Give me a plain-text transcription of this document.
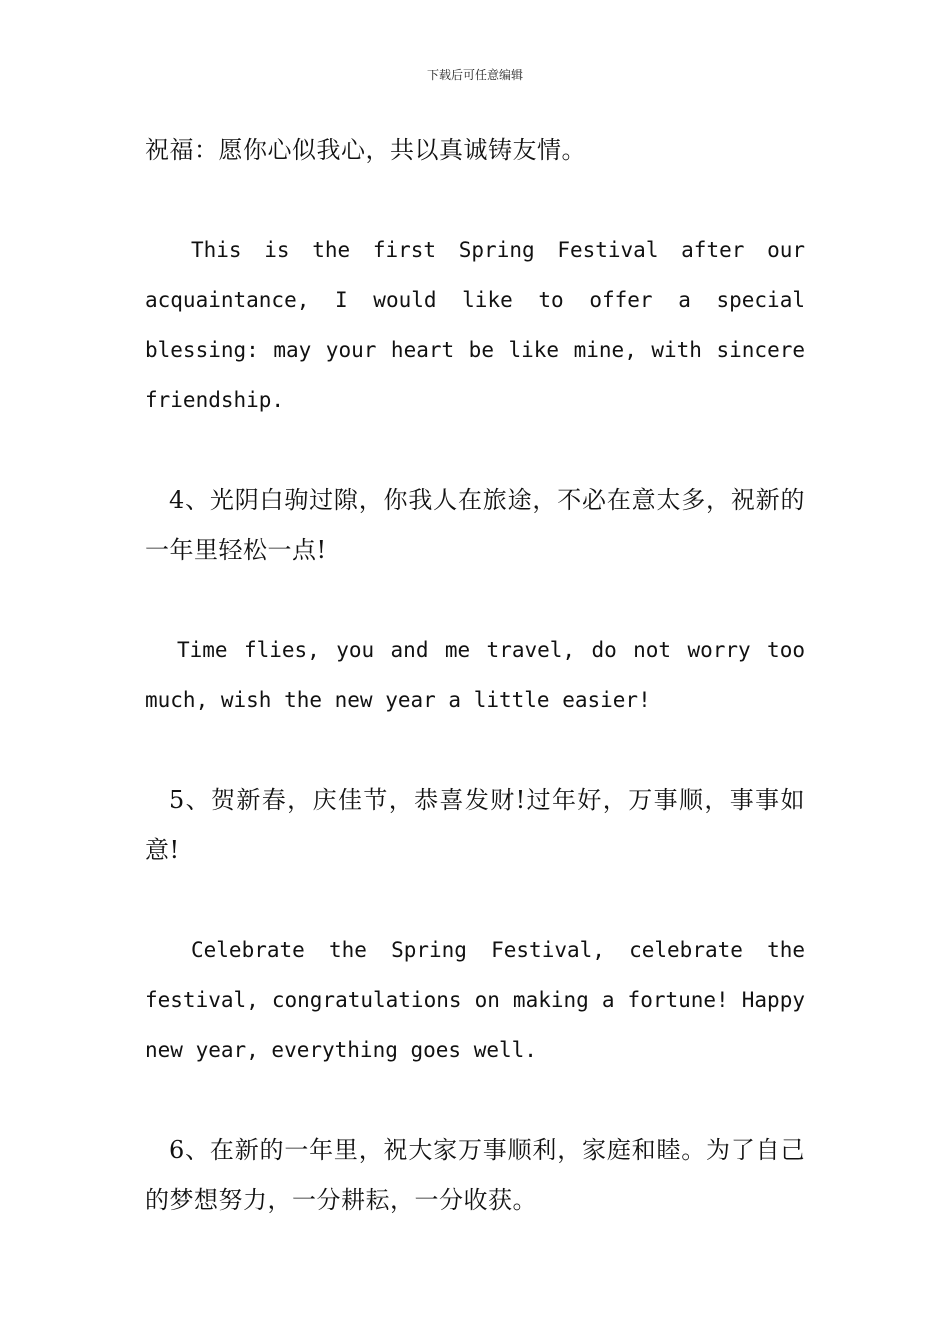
下载后可任意编辑

祝福：愿你心似我心，共以真诚铸友情。

This is the first Spring Festival after our acquaintance, I would like to offer a special blessing: may your heart be like mine, with sincere friendship.

4、光阴白驹过隙，你我人在旅途，不必在意太多，祝新的一年里轻松一点!

Time flies, you and me travel, do not worry too much, wish the new year a little easier!

5、贺新春，庆佳节，恭喜发财!过年好，万事顺，事事如意!

Celebrate the Spring Festival, celebrate the festival, congratulations on making a fortune! Happy new year, everything goes well.

6、在新的一年里，祝大家万事顺利，家庭和睦。为了自己的梦想努力，一分耕耘，一分收获。
